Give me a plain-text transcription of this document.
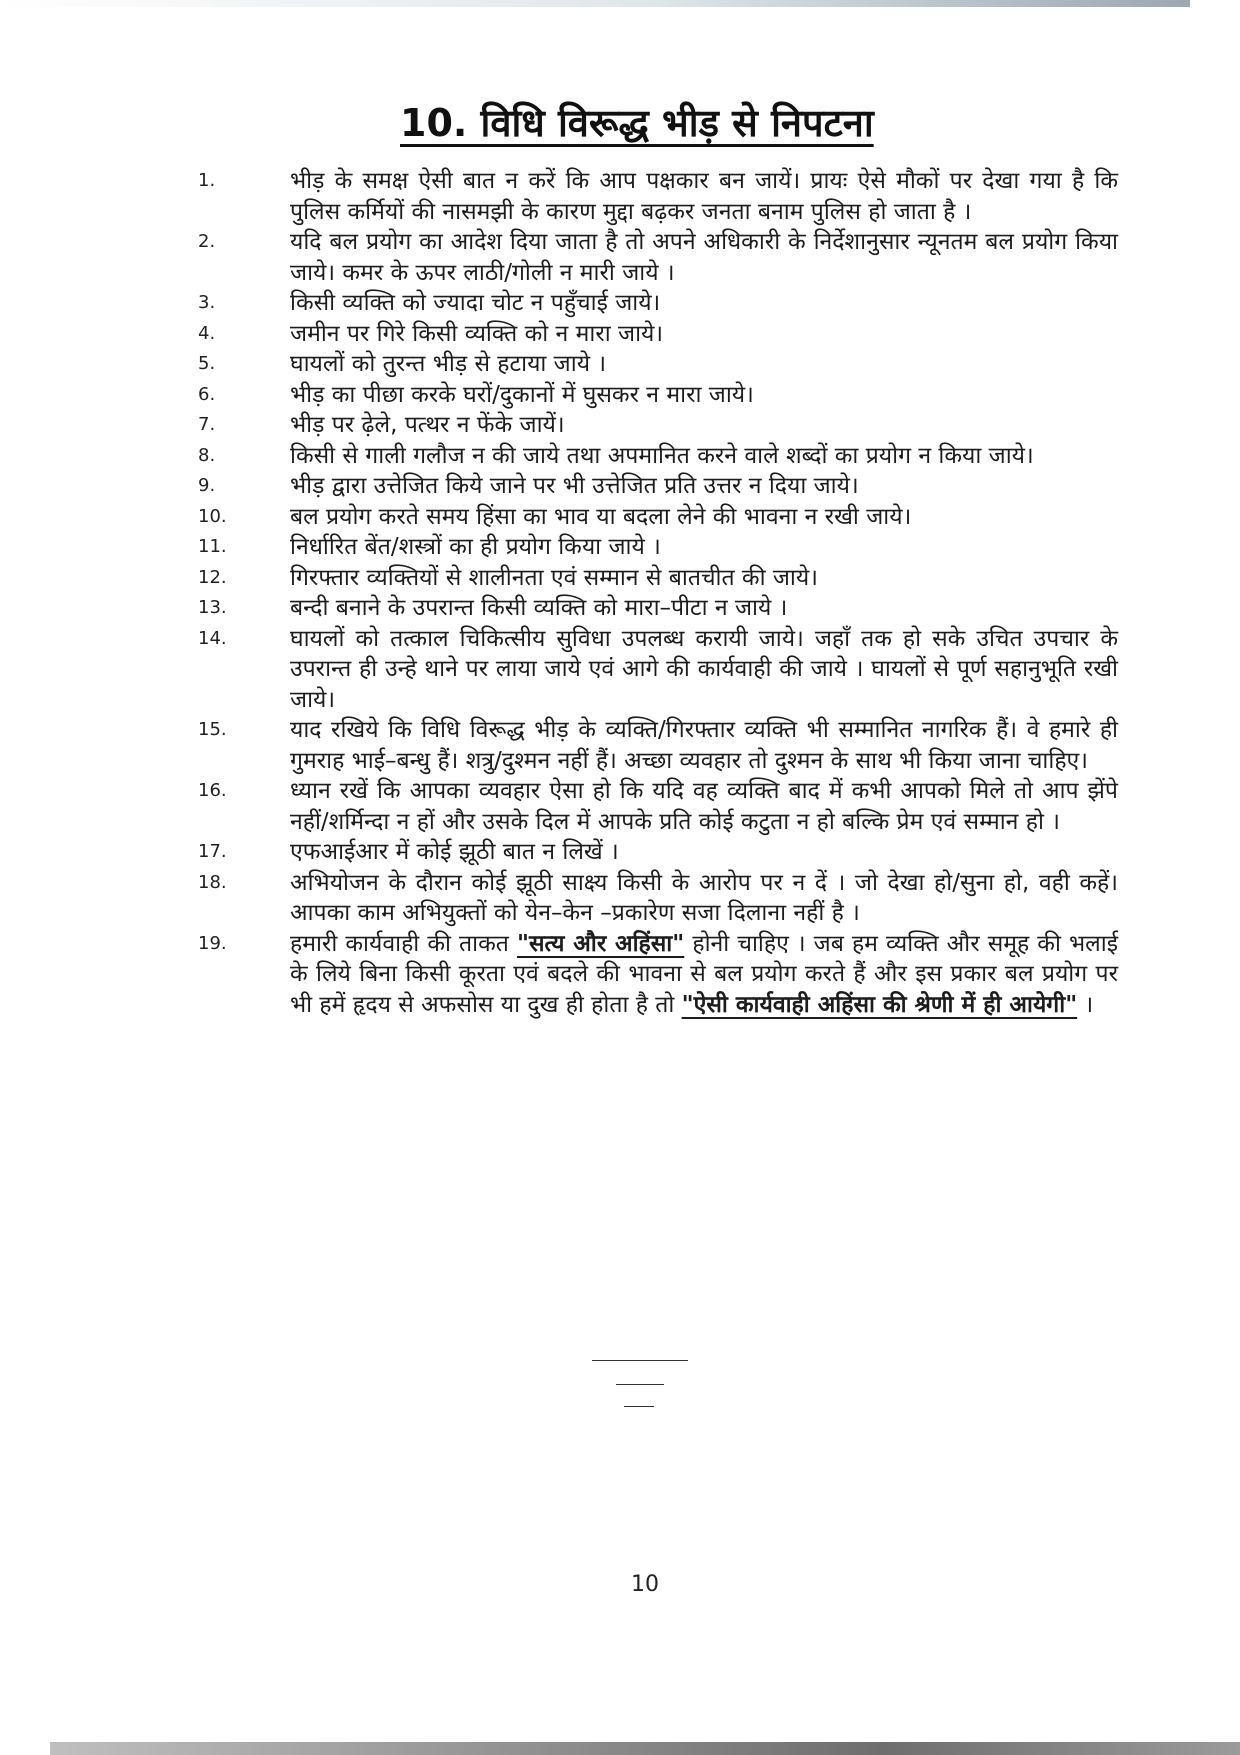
10. विधि विरूद्ध भीड़ से निपटना
1.	भीड़ के समक्ष ऐसी बात न करें कि आप पक्षकार बन जायें। प्रायः ऐसे मौकों पर देखा गया है कि पुलिस कर्मियों की नासमझी के कारण मुद्दा बढ़कर जनता बनाम पुलिस हो जाता है ।
2.	यदि बल प्रयोग का आदेश दिया जाता है तो अपने अधिकारी के निर्देशानुसार न्यूनतम बल प्रयोग किया जाये। कमर के ऊपर लाठी/गोली न मारी जाये ।
3.	किसी व्यक्ति को ज्यादा चोट न पहुँचाई जाये।
4.	जमीन पर गिरे किसी व्यक्ति को न मारा जाये।
5.	घायलों को तुरन्त भीड़ से हटाया जाये ।
6.	भीड़ का पीछा करके घरों/दुकानों में घुसकर न मारा जाये।
7.	भीड़ पर ढ़ेले, पत्थर न फेंके जायें।
8.	किसी से गाली गलौज न की जाये तथा अपमानित करने वाले शब्दों का प्रयोग न किया जाये।
9.	भीड़ द्वारा उत्तेजित किये जाने पर भी उत्तेजित प्रति उत्तर न दिया जाये।
10.	बल प्रयोग करते समय हिंसा का भाव या बदला लेने की भावना न रखी जाये।
11.	निर्धारित बेंत/शस्त्रों का ही प्रयोग किया जाये ।
12.	गिरफ्तार व्यक्तियों से शालीनता एवं सम्मान से बातचीत की जाये।
13.	बन्दी बनाने के उपरान्त किसी व्यक्ति को मारा–पीटा न जाये ।
14.	घायलों को तत्काल चिकित्सीय सुविधा उपलब्ध करायी जाये। जहाँ तक हो सके उचित उपचार के उपरान्त ही उन्हे थाने पर लाया जाये एवं आगे की कार्यवाही की जाये । घायलों से पूर्ण सहानुभूति रखी जाये।
15.	याद रखिये कि विधि विरूद्ध भीड़ के व्यक्ति/गिरफ्तार व्यक्ति भी सम्मानित नागरिक हैं। वे हमारे ही गुमराह भाई–बन्धु हैं। शत्रु/दुश्मन नहीं हैं। अच्छा व्यवहार तो दुश्मन के साथ भी किया जाना चाहिए।
16.	ध्यान रखें कि आपका व्यवहार ऐसा हो कि यदि वह व्यक्ति बाद में कभी आपको मिले तो आप झेंपे नहीं/शर्मिन्दा न हों और उसके दिल में आपके प्रति कोई कटुता न हो बल्कि प्रेम एवं सम्मान हो ।
17.	एफआईआर में कोई झूठी बात न लिखें ।
18.	अभियोजन के दौरान कोई झूठी साक्ष्य किसी के आरोप पर न दें । जो देखा हो/सुना हो, वही कहें। आपका काम अभियुक्तों को येन–केन –प्रकारेण सजा दिलाना नहीं है ।
19.	हमारी कार्यवाही की ताकत "सत्य और अहिंसा" होनी चाहिए । जब हम व्यक्ति और समूह की भलाई के लिये बिना किसी कूरता एवं बदले की भावना से बल प्रयोग करते हैं और इस प्रकार बल प्रयोग पर भी हमें हृदय से अफसोस या दुख ही होता है तो "ऐसी कार्यवाही अहिंसा की श्रेणी में ही आयेगी" ।
10
